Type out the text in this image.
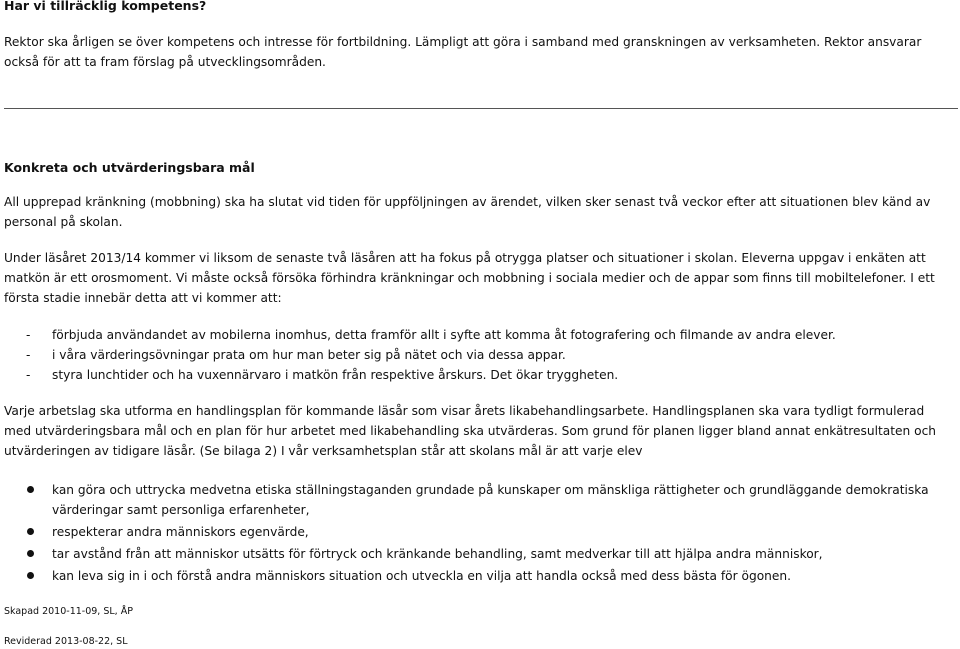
Har vi tillräcklig kompetens?
Rektor ska årligen se över kompetens och intresse för fortbildning. Lämpligt att göra i samband med granskningen av verksamheten. Rektor ansvarar också för att ta fram förslag på utvecklingsområden.
Konkreta och utvärderingsbara mål
All upprepad kränkning (mobbning) ska ha slutat vid tiden för uppföljningen av ärendet, vilken sker senast två veckor efter att situationen blev känd av personal på skolan.
Under läsåret 2013/14 kommer vi liksom de senaste två läsåren att ha fokus på otrygga platser och situationer i skolan. Eleverna uppgav i enkäten att matkön är ett orosmoment. Vi måste också försöka förhindra kränkningar och mobbning i sociala medier och de appar som finns till mobiltelefoner. I ett första stadie innebär detta att vi kommer att:
- förbjuda användandet av mobilerna inomhus, detta framför allt i syfte att komma åt fotografering och filmande av andra elever.
- i våra värderingsövningar prata om hur man beter sig på nätet och via dessa appar.
- styra lunchtider och ha vuxennärvaro i matkön från respektive årskurs. Det ökar tryggheten.
Varje arbetslag ska utforma en handlingsplan för kommande läsår som visar årets likabehandlingsarbete. Handlingsplanen ska vara tydligt formulerad med utvärderingsbara mål och en plan för hur arbetet med likabehandling ska utvärderas. Som grund för planen ligger bland annat enkätresultaten och utvärderingen av tidigare läsår. (Se bilaga 2) I vår verksamhetsplan står att skolans mål är att varje elev
kan göra och uttrycka medvetna etiska ställningstaganden grundade på kunskaper om mänskliga rättigheter och grundläggande demokratiska värderingar samt personliga erfarenheter,
respekterar andra människors egenvärde,
tar avstånd från att människor utsätts för förtryck och kränkande behandling, samt medverkar till att hjälpa andra människor,
kan leva sig in i och förstå andra människors situation och utveckla en vilja att handla också med dess bästa för ögonen.
Skapad 2010-11-09, SL, ÅP
Reviderad 2013-08-22, SL
